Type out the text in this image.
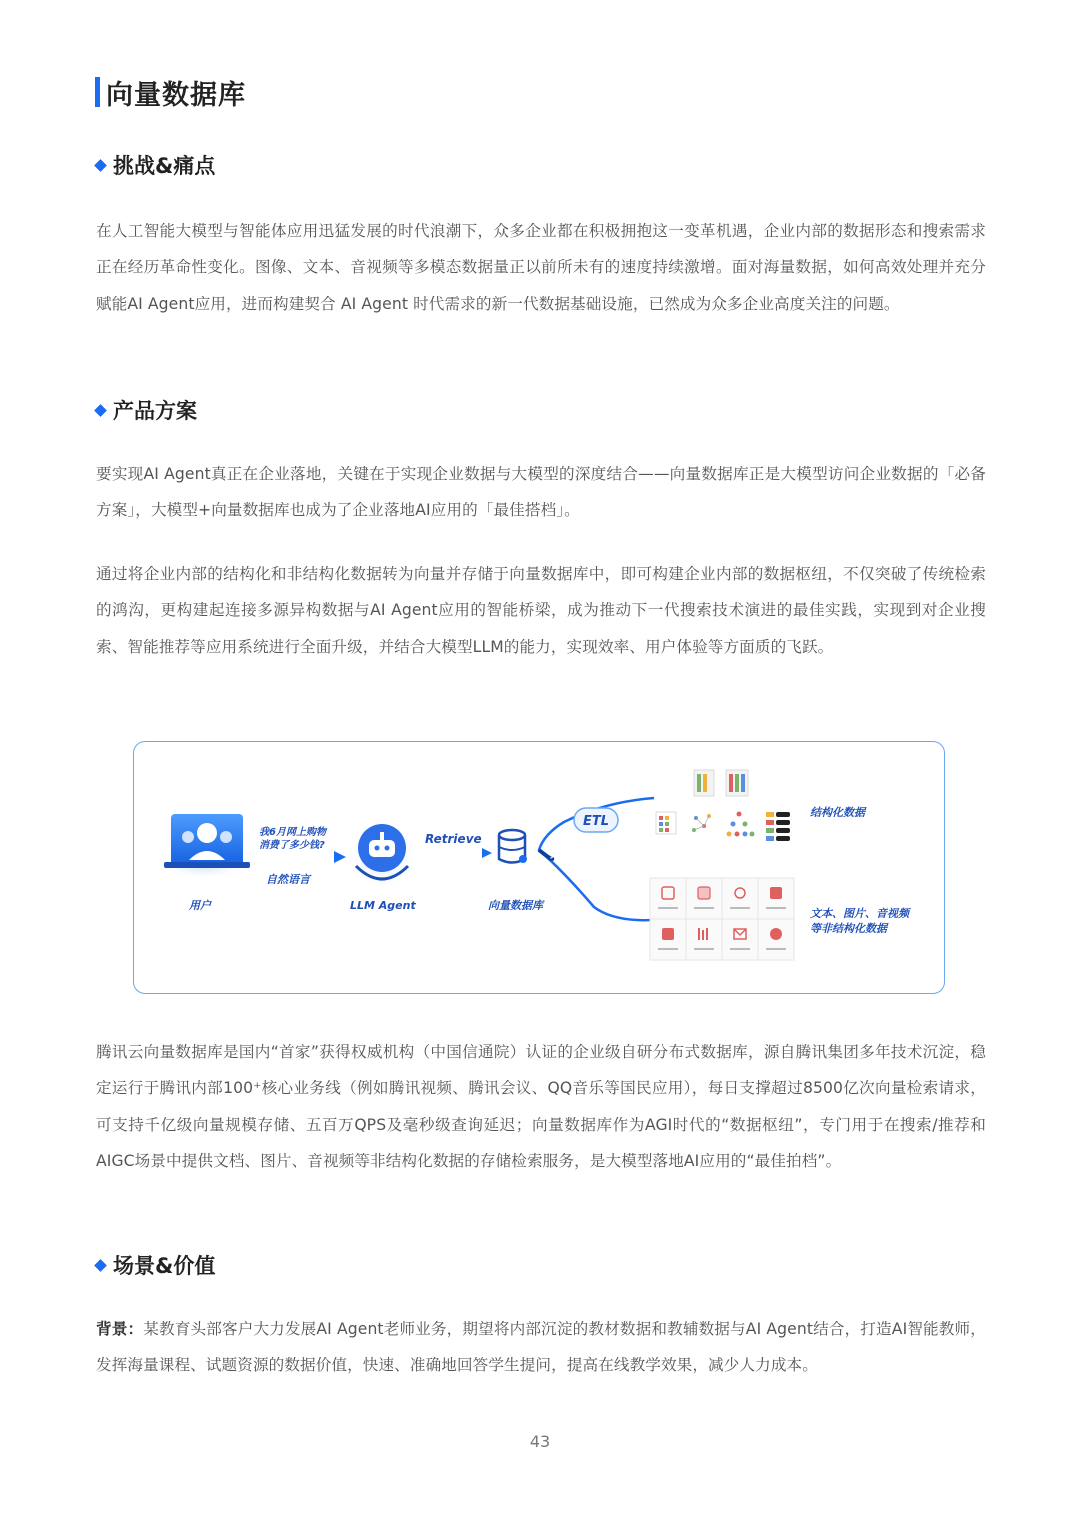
向量数据库
挑战&痛点

在人工智能大模型与智能体应用迅猛发展的时代浪潮下，众多企业都在积极拥抱这一变革机遇，企业内部的数据形态和搜索需求正在经历革命性变化。图像、文本、音视频等多模态数据量正以前所未有的速度持续激增。面对海量数据，如何高效处理并充分赋能AI Agent应用，进而构建契合 AI Agent 时代需求的新一代数据基础设施，已然成为众多企业高度关注的问题。

产品方案

要实现AI Agent真正在企业落地，关键在于实现企业数据与大模型的深度结合——向量数据库正是大模型访问企业数据的「必备方案」，大模型+向量数据库也成为了企业落地AI应用的「最佳搭档」。

通过将企业内部的结构化和非结构化数据转为向量并存储于向量数据库中，即可构建企业内部的数据枢纽，不仅突破了传统检索的鸿沟，更构建起连接多源异构数据与AI Agent应用的智能桥梁，成为推动下一代搜索技术演进的最佳实践，实现到对企业搜索、智能推荐等应用系统进行全面升级，并结合大模型LLM的能力，实现效率、用户体验等方面质的飞跃。

用户
我6月网上购物
消费了多少钱?
自然语言
LLM Agent
Retrieve
向量数据库
ETL
结构化数据
文本、图片、音视频
等非结构化数据

腾讯云向量数据库是国内“首家”获得权威机构（中国信通院）认证的企业级自研分布式数据库，源自腾讯集团多年技术沉淀，稳定运行于腾讯内部100⁺核心业务线（例如腾讯视频、腾讯会议、QQ音乐等国民应用），每日支撑超过8500亿次向量检索请求，可支持千亿级向量规模存储、五百万QPS及毫秒级查询延迟；向量数据库作为AGI时代的“数据枢纽”，专门用于在搜索/推荐和AIGC场景中提供文档、图片、音视频等非结构化数据的存储检索服务，是大模型落地AI应用的“最佳拍档”。

场景&价值

背景：某教育头部客户大力发展AI Agent老师业务，期望将内部沉淀的教材数据和教辅数据与AI Agent结合，打造AI智能教师，发挥海量课程、试题资源的数据价值，快速、准确地回答学生提问，提高在线教学效果，减少人力成本。

43
